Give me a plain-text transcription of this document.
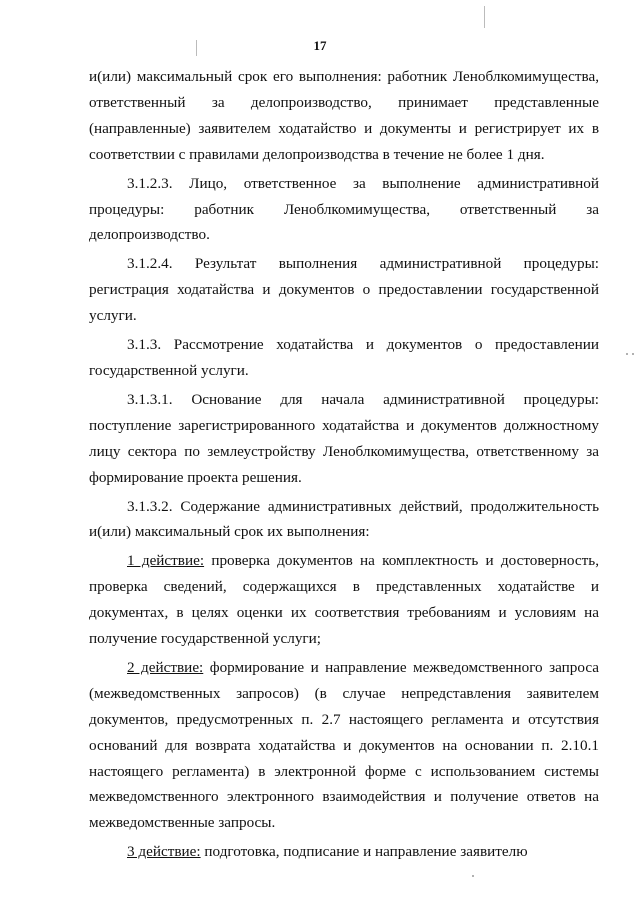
17

и(или) максимальный срок его выполнения: работник Леноблкомимущества, ответственный за делопроизводство, принимает представленные (направленные) заявителем ходатайство и документы и регистрирует их в соответствии с правилами делопроизводства в течение не более 1 дня.

3.1.2.3. Лицо, ответственное за выполнение административной процедуры: работник Леноблкомимущества, ответственный за делопроизводство.

3.1.2.4. Результат выполнения административной процедуры: регистрация ходатайства и документов о предоставлении государственной услуги.

3.1.3. Рассмотрение ходатайства и документов о предоставлении государственной услуги.

3.1.3.1. Основание для начала административной процедуры: поступление зарегистрированного ходатайства и документов должностному лицу сектора по землеустройству Леноблкомимущества, ответственному за формирование проекта решения.

3.1.3.2. Содержание административных действий, продолжительность и(или) максимальный срок их выполнения:

1 действие: проверка документов на комплектность и достоверность, проверка сведений, содержащихся в представленных ходатайстве и документах, в целях оценки их соответствия требованиям и условиям на получение государственной услуги;

2 действие: формирование и направление межведомственного запроса (межведомственных запросов) (в случае непредставления заявителем документов, предусмотренных п. 2.7 настоящего регламента и отсутствия оснований для возврата ходатайства и документов на основании п. 2.10.1 настоящего регламента) в электронной форме с использованием системы межведомственного электронного взаимодействия и получение ответов на межведомственные запросы.

3 действие: подготовка, подписание и направление заявителю
